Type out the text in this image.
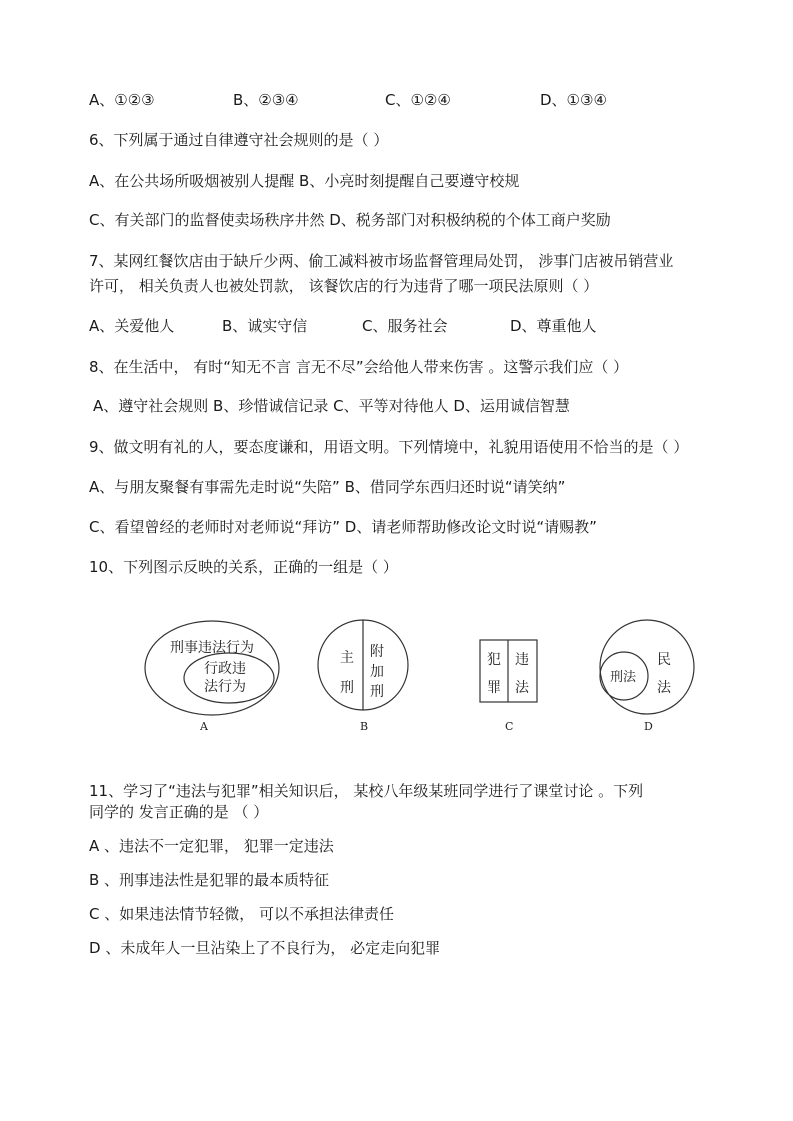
A、①②③	B、②③④	C、①②④	D、①③④
6、下列属于通过自律遵守社会规则的是（ ）
A、在公共场所吸烟被别人提醒 B、小亮时刻提醒自己要遵守校规
C、有关部门的监督使卖场秩序井然 D、税务部门对积极纳税的个体工商户奖励
7、某网红餐饮店由于缺斤少两、偷工减料被市场监督管理局处罚， 涉事门店被吊销营业
许可， 相关负责人也被处罚款， 该餐饮店的行为违背了哪一项民法原则（ ）
A、关爱他人	B、诚实守信	C、服务社会	D、尊重他人
8、在生活中， 有时“知无不言 言无不尽”会给他人带来伤害 。这警示我们应（ ）
A、遵守社会规则 B、珍惜诚信记录 C、平等对待他人 D、运用诚信智慧
9、做文明有礼的人，要态度谦和，用语文明。下列情境中，礼貌用语使用不恰当的是（ ）
A、与朋友聚餐有事需先走时说“失陪” B、借同学东西归还时说“请笑纳”
C、看望曾经的老师时对老师说“拜访” D、请老师帮助修改论文时说“请赐教”
10、下列图示反映的关系，正确的一组是（ ）
刑事违法行为
行政违
法行为
A
主
刑
附
加
刑
B
犯
罪
违
法
C
刑法
民
法
D
11、学习了“违法与犯罪”相关知识后， 某校八年级某班同学进行了课堂讨论 。下列
同学的 发言正确的是 （ ）
A 、违法不一定犯罪， 犯罪一定违法
B 、刑事违法性是犯罪的最本质特征
C 、如果违法情节轻微， 可以不承担法律责任
D 、未成年人一旦沾染上了不良行为， 必定走向犯罪
